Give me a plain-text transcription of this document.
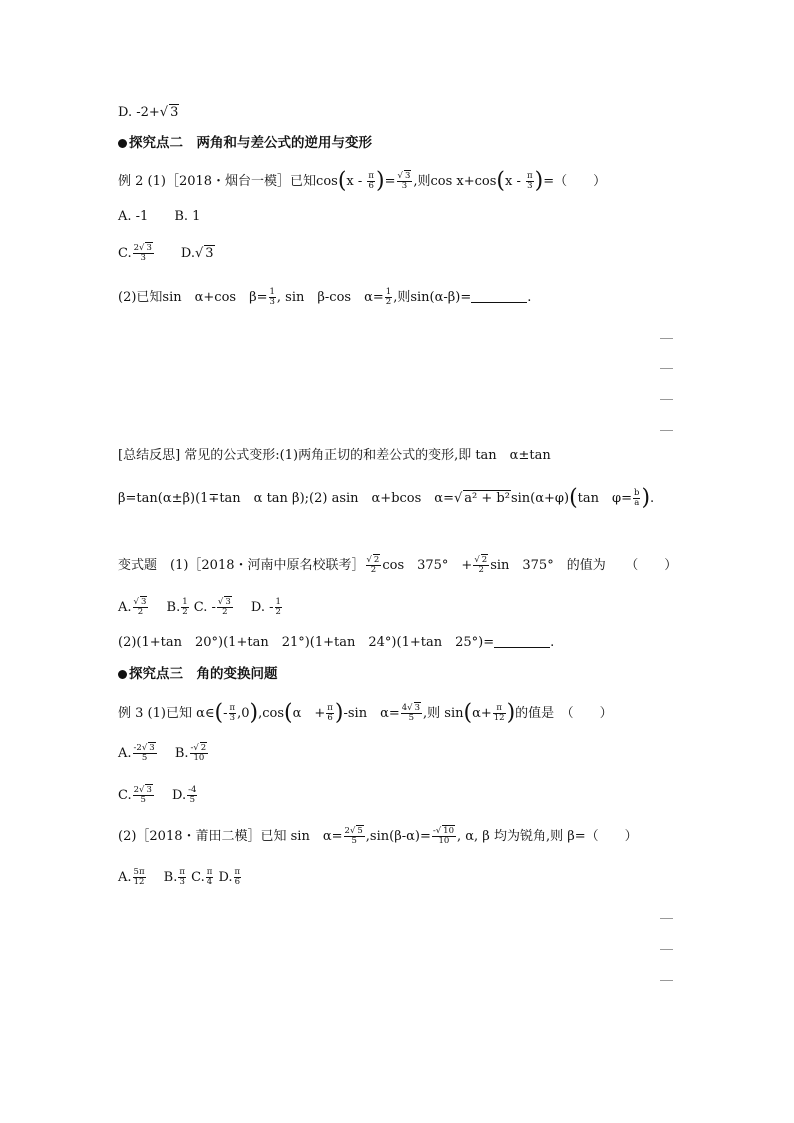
D. -2+√ 3
探究点二　两角和与差公式的逆用与变形
例 2 (1)［2018・烟台一模］已知$\cos(x - \frac{\pi}{6}$ )= $\frac{√ 3}{3}$ ,则$\cos x+\cos(x - \frac{\pi}{3}$ )=（　　）
A. -1　　 B. 1
C. $\frac{2√ 3}{3}$
　　 D.√ 3
(2)已知sin　α+cos　$\beta= \frac{1}{3}$ , sin　β-cos　$\alpha= \frac{1}{2}$ ,则sin(α-β)=	.
[总结反思] 常见的公式变形:(1)两角正切的和差公式的变形,即 tan　α±tan
β=tan(α±β)(1∓tan　α tan β);(2) asin　α+bcos　α=√ a² + b²sin(α+φ)(tan　$\varphi= \frac{b}{a}$ ).
变式题　(1)［2018・河南中原名校联考］ $\frac{√ 2}{2}$ cos　375°　+ $\frac{√ 2}{2}$ sin　375°　的值为　　（　　）
A. $\frac{√ 3}{2}$
　 B. $\frac{1}{2} C$. - $\frac{√ 3}{2}$
　 D. - $\frac{1}{2}$
(2)(1+tan　20°)(1+tan　21°)(1+tan　24°)(1+tan　25°)=	.
探究点三　角的变换问题
例 3 (1)已知 α∈(- $\frac{\pi}{3} ,0),\cos(\alpha$　+ $\frac{\pi}{6} )-\sin$　$\alpha= \frac{4√ 3}{5}$ ,则 $\sin(\alpha+ \frac{\pi}{12}$ )的值是　（　　）
A. $\frac{-2√ 3}{5}$
　 B. $\frac{-√ 2}{10}$
C. $\frac{2√ 3}{5}$
　 D. $\frac{-4}{5}$
(2)［2018・莆田二模］已知 sin　$\alpha= \frac{2√ 5}{5} ,\sin(\beta-\alpha)= \frac{-√ 10}{10}$ , α, β 均为锐角,则 β=（　　）
A. $\frac{5\pi}{12}$
　 B. $\frac{\pi}{3} C$. $\frac{\pi}{4} D$. $\frac{\pi}{6}$
